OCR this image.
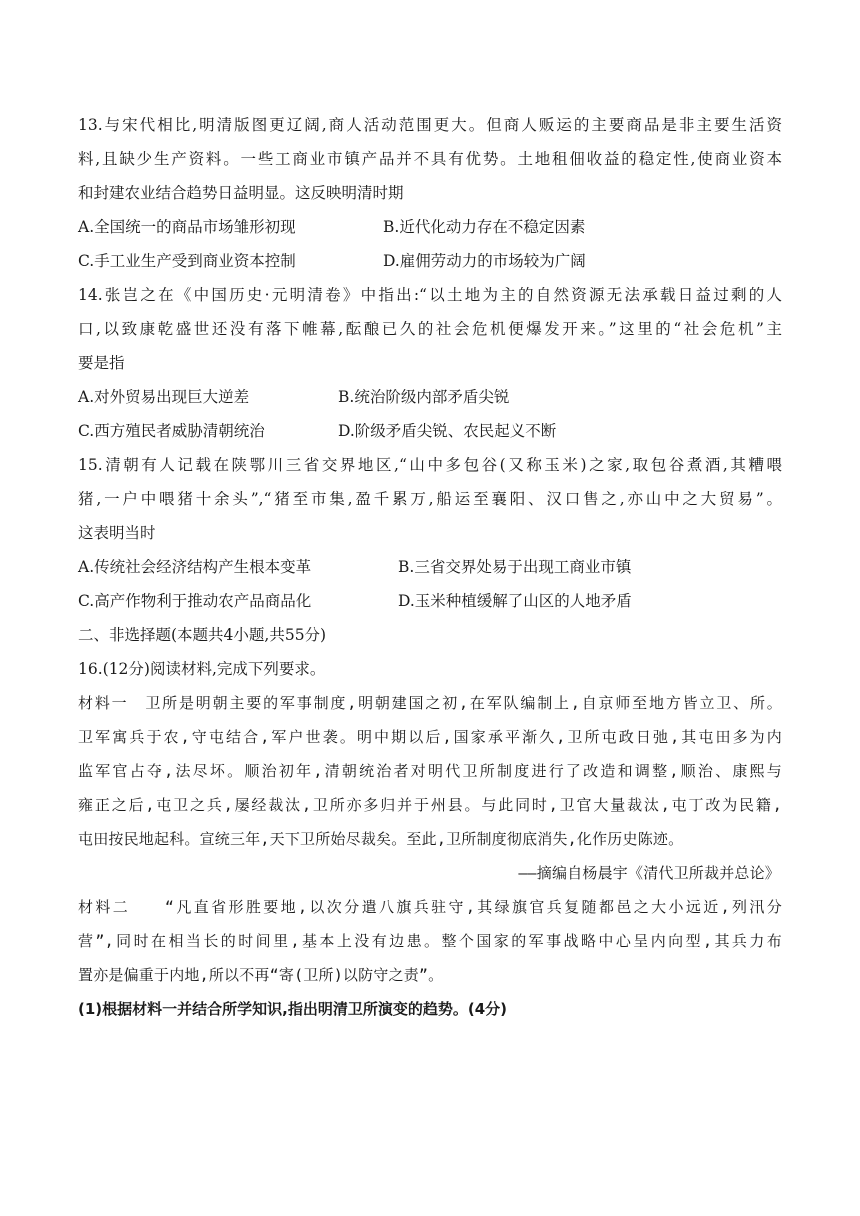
13.与宋代相比,明清版图更辽阔,商人活动范围更大。但商人贩运的主要商品是非主要生活资
料,且缺少生产资料。一些工商业市镇产品并不具有优势。土地租佃收益的稳定性,使商业资本
和封建农业结合趋势日益明显。这反映明清时期
A.全国统一的商品市场雏形初现	B.近代化动力存在不稳定因素
C.手工业生产受到商业资本控制	D.雇佣劳动力的市场较为广阔
14.张岂之在《中国历史·元明清卷》中指出:“以土地为主的自然资源无法承载日益过剩的人
口,以致康乾盛世还没有落下帷幕,酝酿已久的社会危机便爆发开来。”这里的“社会危机”主
要是指
A.对外贸易出现巨大逆差	B.统治阶级内部矛盾尖锐
C.西方殖民者威胁清朝统治	D.阶级矛盾尖锐、农民起义不断
15.清朝有人记载在陕鄂川三省交界地区,“山中多包谷(又称玉米)之家,取包谷煮酒,其糟喂
猪,一户中喂猪十余头”,“猪至市集,盈千累万,船运至襄阳、汉口售之,亦山中之大贸易”。
这表明当时
A.传统社会经济结构产生根本变革	B.三省交界处易于出现工商业市镇
C.高产作物利于推动农产品商品化	D.玉米种植缓解了山区的人地矛盾
二、非选择题(本题共4小题,共55分)
16.(12分)阅读材料,完成下列要求。
材料一　 卫所是明朝主要的军事制度,明朝建国之初,在军队编制上,自京师至地方皆立卫、所。
卫军寓兵于农,守屯结合,军户世袭。明中期以后,国家承平渐久,卫所屯政日弛,其屯田多为内
监军官占夺,法尽坏。顺治初年,清朝统治者对明代卫所制度进行了改造和调整,顺治、康熙与
雍正之后,屯卫之兵,屡经裁汰,卫所亦多归并于州县。与此同时,卫官大量裁汰,屯丁改为民籍,
屯田按民地起科。宣统三年,天下卫所始尽裁矣。至此,卫所制度彻底消失,化作历史陈迹。
——摘编自杨晨宇《清代卫所裁并总论》
材料二　　 “凡直省形胜要地,以次分遣八旗兵驻守,其绿旗官兵复随都邑之大小远近,列汛分
营”,同时在相当长的时间里,基本上没有边患。整个国家的军事战略中心呈内向型,其兵力布
置亦是偏重于内地,所以不再“寄(卫所)以防守之责”。
(1)根据材料一并结合所学知识,指出明清卫所演变的趋势。(4分)
